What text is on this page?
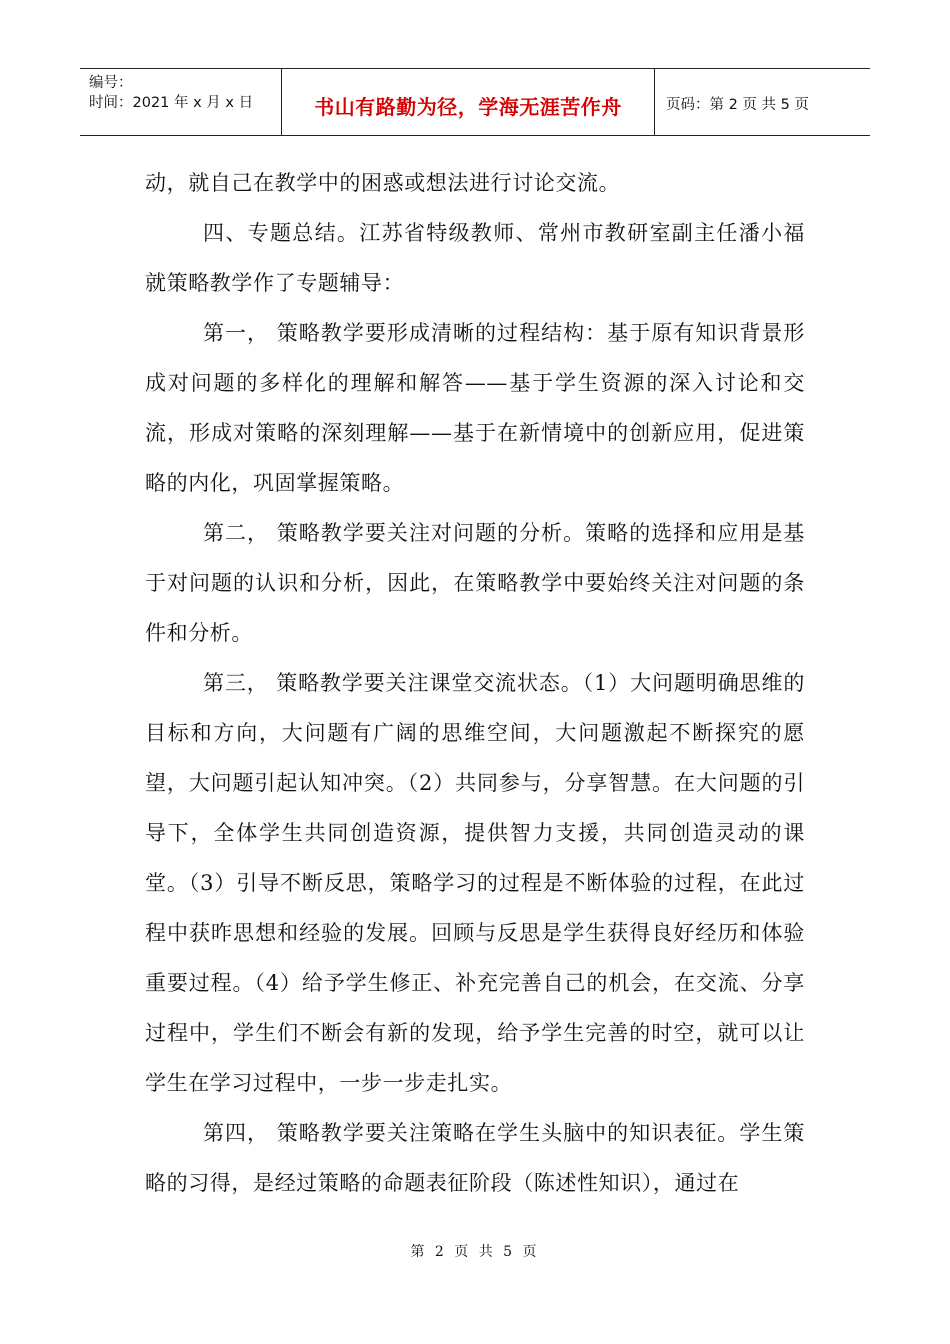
编号：
时间：2021 年 x 月 x 日	书山有路勤为径，学海无涯苦作舟	页码：第 2 页 共 5 页

动，就自己在教学中的困惑或想法进行讨论交流。

四、专题总结。江苏省特级教师、常州市教研室副主任潘小福就策略教学作了专题辅导：

第一， 策略教学要形成清晰的过程结构：基于原有知识背景形成对问题的多样化的理解和解答——基于学生资源的深入讨论和交流，形成对策略的深刻理解——基于在新情境中的创新应用，促进策略的内化，巩固掌握策略。

第二， 策略教学要关注对问题的分析。策略的选择和应用是基于对问题的认识和分析，因此，在策略教学中要始终关注对问题的条件和分析。

第三， 策略教学要关注课堂交流状态。（1）大问题明确思维的目标和方向，大问题有广阔的思维空间，大问题激起不断探究的愿望，大问题引起认知冲突。（2）共同参与，分享智慧。在大问题的引导下，全体学生共同创造资源，提供智力支援，共同创造灵动的课堂。（3）引导不断反思，策略学习的过程是不断体验的过程，在此过程中获昨思想和经验的发展。回顾与反思是学生获得良好经历和体验重要过程。（4）给予学生修正、补充完善自己的机会，在交流、分享过程中，学生们不断会有新的发现，给予学生完善的时空，就可以让学生在学习过程中，一步一步走扎实。

第四， 策略教学要关注策略在学生头脑中的知识表征。学生策略的习得，是经过策略的命题表征阶段（陈述性知识），通过在

第 2 页 共 5 页
